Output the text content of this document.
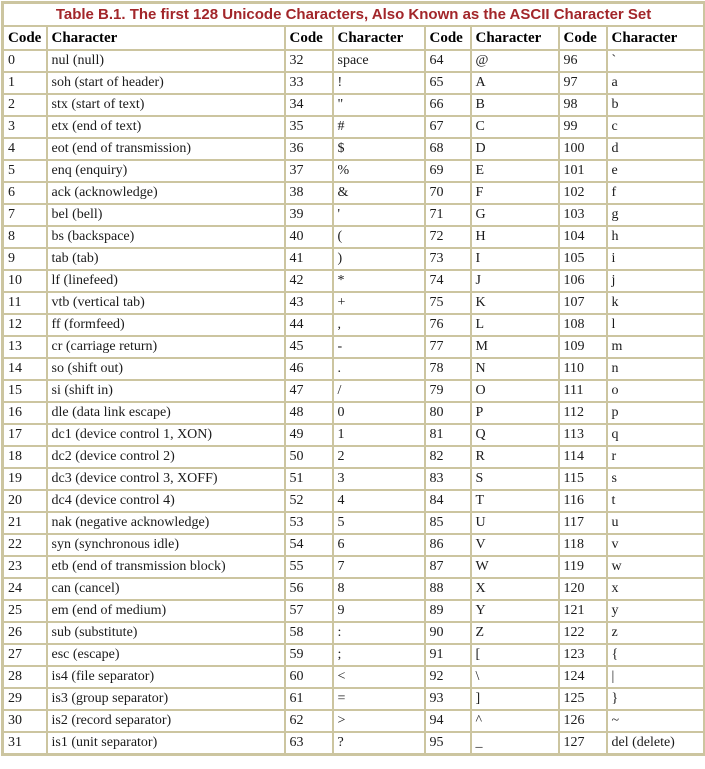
Table B.1. The first 128 Unicode Characters, Also Known as the ASCII Character Set							
Code	Character	Code	Character	Code	Character	Code	Character
0	nul (null)	32	space	64	@	96	`
1	soh (start of header)	33	!	65	A	97	a
2	stx (start of text)	34	"	66	B	98	b
3	etx (end of text)	35	#	67	C	99	c
4	eot (end of transmission)	36	$	68	D	100	d
5	enq (enquiry)	37	%	69	E	101	e
6	ack (acknowledge)	38	&	70	F	102	f
7	bel (bell)	39	'	71	G	103	g
8	bs (backspace)	40	(	72	H	104	h
9	tab (tab)	41	)	73	I	105	i
10	lf (linefeed)	42	*	74	J	106	j
11	vtb (vertical tab)	43	+	75	K	107	k
12	ff (formfeed)	44	,	76	L	108	l
13	cr (carriage return)	45	-	77	M	109	m
14	so (shift out)	46	.	78	N	110	n
15	si (shift in)	47	/	79	O	111	o
16	dle (data link escape)	48	0	80	P	112	p
17	dc1 (device control 1, XON)	49	1	81	Q	113	q
18	dc2 (device control 2)	50	2	82	R	114	r
19	dc3 (device control 3, XOFF)	51	3	83	S	115	s
20	dc4 (device control 4)	52	4	84	T	116	t
21	nak (negative acknowledge)	53	5	85	U	117	u
22	syn (synchronous idle)	54	6	86	V	118	v
23	etb (end of transmission block)	55	7	87	W	119	w
24	can (cancel)	56	8	88	X	120	x
25	em (end of medium)	57	9	89	Y	121	y
26	sub (substitute)	58	:	90	Z	122	z
27	esc (escape)	59	;	91	[	123	{
28	is4 (file separator)	60	<	92	\	124	|
29	is3 (group separator)	61	=	93	]	125	}
30	is2 (record separator)	62	>	94	^	126	~
31	is1 (unit separator)	63	?	95	_	127	del (delete)
